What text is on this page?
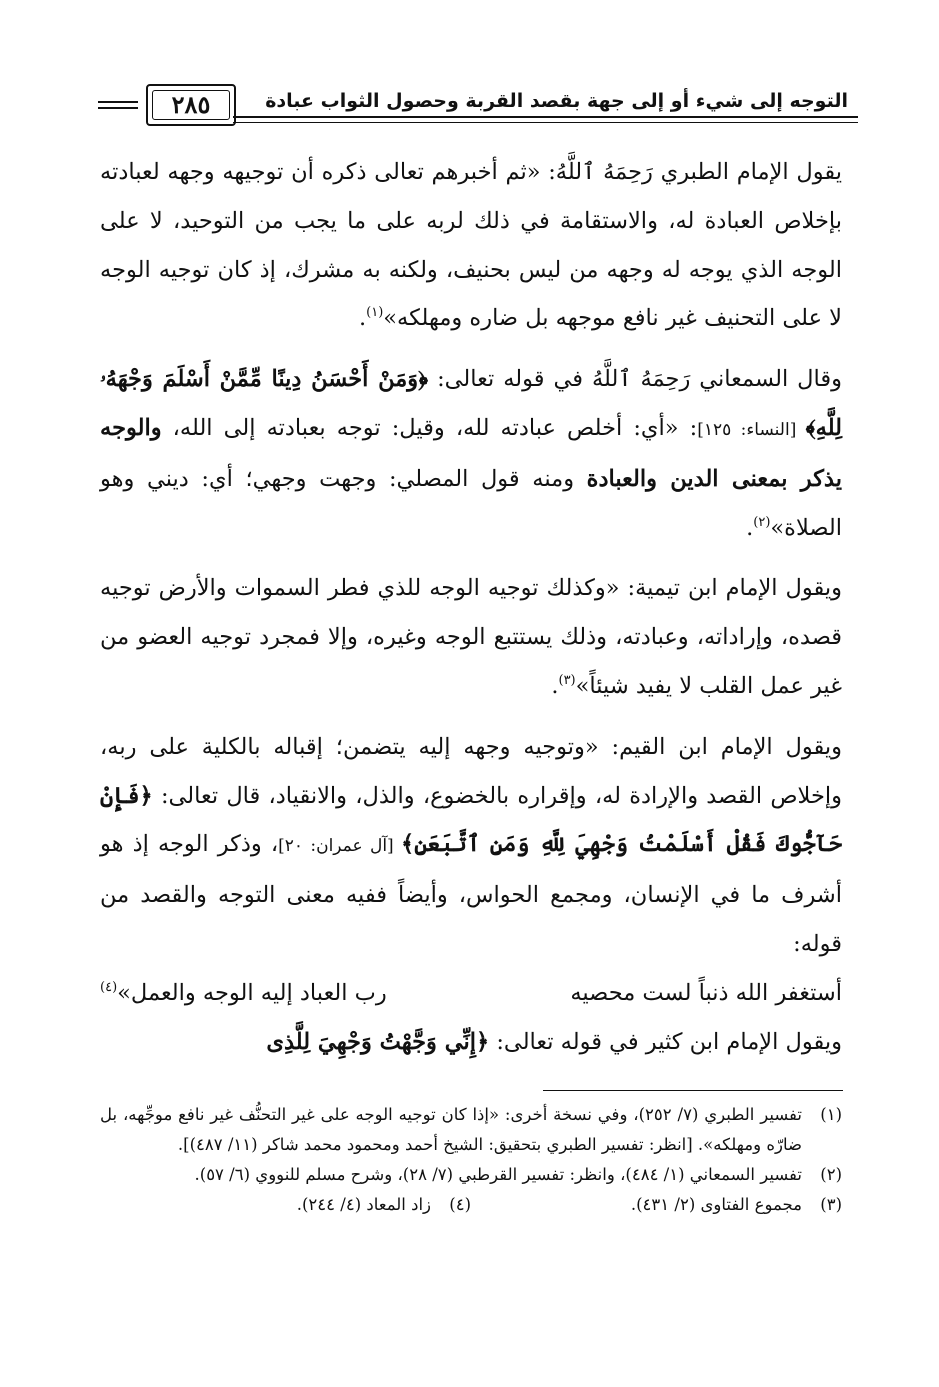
التوجه إلى شيء أو إلى جهة بقصد القربة وحصول الثواب عبادة
٢٨٥

يقول الإمام الطبري رَحِمَهُ ٱللَّهُ: «ثم أخبرهم تعالى ذكره أن توجيهه وجهه لعبادته بإخلاص العبادة له، والاستقامة في ذلك لربه على ما يجب من التوحيد، لا على الوجه الذي يوجه له وجهه من ليس بحنيف، ولكنه به مشرك، إذ كان توجيه الوجه لا على التحنيف غير نافع موجهه بل ضاره ومهلكه»$^{(١)}$.

وقال السمعاني رَحِمَهُ ٱللَّهُ في قوله تعالى: ﴿وَمَنْ أَحْسَنُ دِينًا مِّمَّنْ أَسْلَمَ وَجْهَهُۥ لِلَّهِ﴾ [النساء: ١٢٥]: «أي: أخلص عبادته لله، وقيل: توجه بعبادته إلى الله، والوجه يذكر بمعنى الدين والعبادة ومنه قول المصلي: وجهت وجهي؛ أي: ديني وهو الصلاة»$^{(٢)}$.

ويقول الإمام ابن تيمية: «وكذلك توجيه الوجه للذي فطر السموات والأرض توجيه قصده، وإراداته، وعبادته، وذلك يستتبع الوجه وغيره، وإلا فمجرد توجيه العضو من غير عمل القلب لا يفيد شيئاً»$^{(٣)}$.

ويقول الإمام ابن القيم: «وتوجيه وجهه إليه يتضمن؛ إقباله بالكلية على ربه، وإخلاص القصد والإرادة له، وإقراره بالخضوع، والذل، والانقياد، قال تعالى: ﴿فَإِنْ حَآجُّوكَ فَقُلْ أَسْلَمْتُ وَجْهِيَ لِلَّهِ وَمَنِ ٱتَّبَعَنِ﴾ [آل عمران: ٢٠]، وذكر الوجه إذ هو أشرف ما في الإنسان، ومجمع الحواس، وأيضاً ففيه معنى التوجه والقصد من قوله:

أستغفر الله ذنباً لست محصيه
رب العباد إليه الوجه والعمل»$^{(٤)}$

ويقول الإمام ابن كثير في قوله تعالى: ﴿إِنِّي وَجَّهْتُ وَجْهِيَ لِلَّذِى

(١)
تفسير الطبري (٧/ ٢٥٢)، وفي نسخة أخرى: «إذا كان توجيه الوجه على غير التحنُّف غير نافع موجِّهه، بل ضارّه ومهلكه». [انظر: تفسير الطبري بتحقيق: الشيخ أحمد ومحمود محمد شاكر (١١/ ٤٨٧)].

(٢)
تفسير السمعاني (١/ ٤٨٤)، وانظر: تفسير القرطبي (٧/ ٢٨)، وشرح مسلم للنووي (٦/ ٥٧).

(٣)
مجموع الفتاوى (٢/ ٤٣١).
(٤)
زاد المعاد (٤/ ٢٤٤).
